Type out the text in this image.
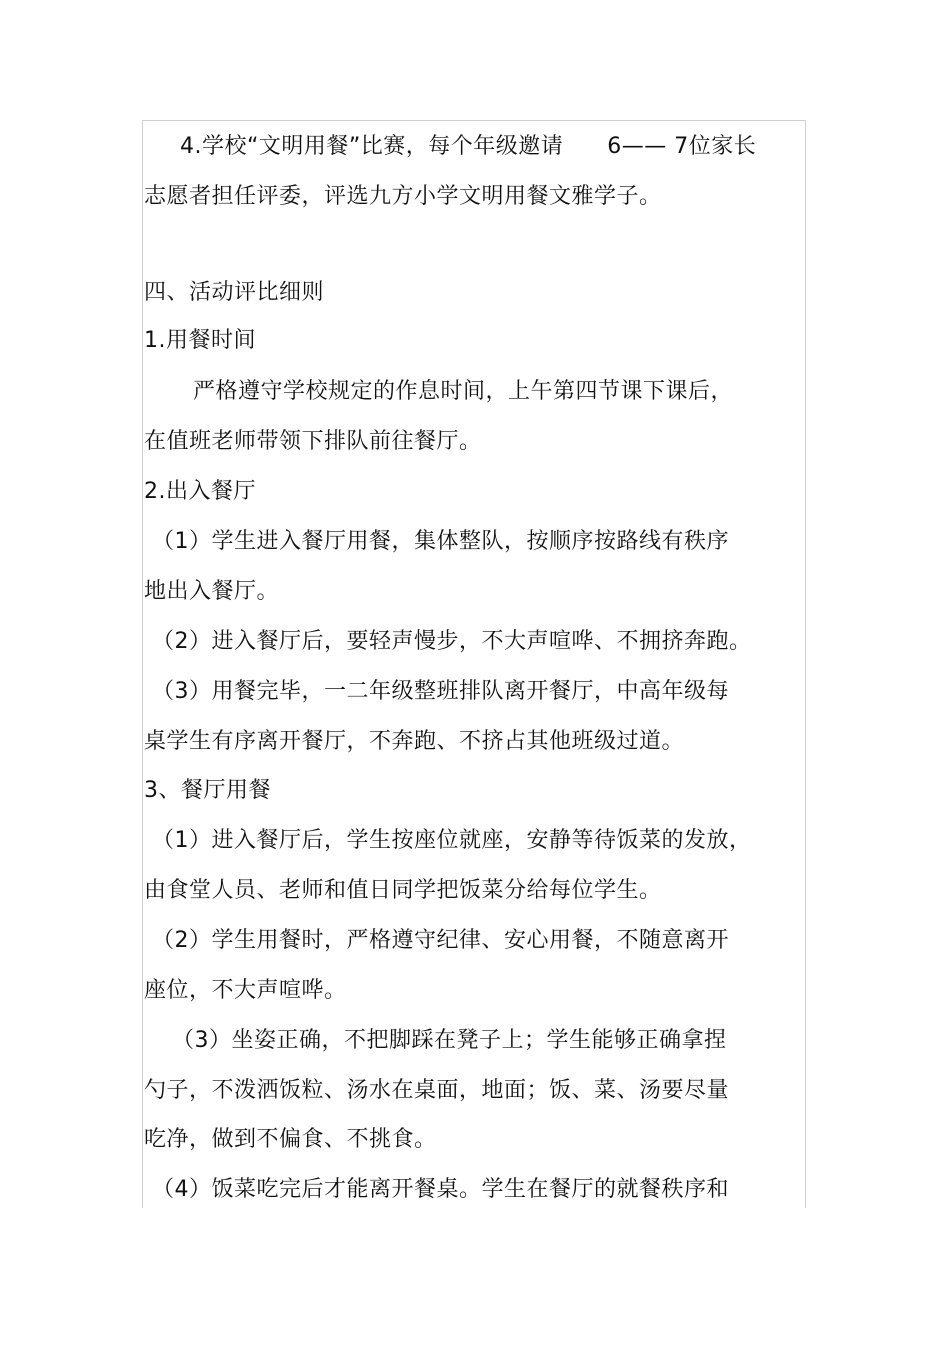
4.学校“文明用餐”比赛，每个年级邀请 6—— 7位家长
志愿者担任评委，评选九方小学文明用餐文雅学子。
四、活动评比细则
1.用餐时间
严格遵守学校规定的作息时间，上午第四节课下课后，
在值班老师带领下排队前往餐厅。
2.出入餐厅
（1）学生进入餐厅用餐，集体整队，按顺序按路线有秩序
地出入餐厅。
（2）进入餐厅后，要轻声慢步，不大声喧哗、不拥挤奔跑。
（3）用餐完毕，一二年级整班排队离开餐厅，中高年级每
桌学生有序离开餐厅，不奔跑、不挤占其他班级过道。
3、餐厅用餐
（1）进入餐厅后，学生按座位就座，安静等待饭菜的发放，
由食堂人员、老师和值日同学把饭菜分给每位学生。
（2）学生用餐时，严格遵守纪律、安心用餐，不随意离开
座位，不大声喧哗。
（3）坐姿正确，不把脚踩在凳子上；学生能够正确拿捏
勺子，不泼洒饭粒、汤水在桌面，地面；饭、菜、汤要尽量
吃净，做到不偏食、不挑食。
（4）饭菜吃完后才能离开餐桌。学生在餐厅的就餐秩序和
